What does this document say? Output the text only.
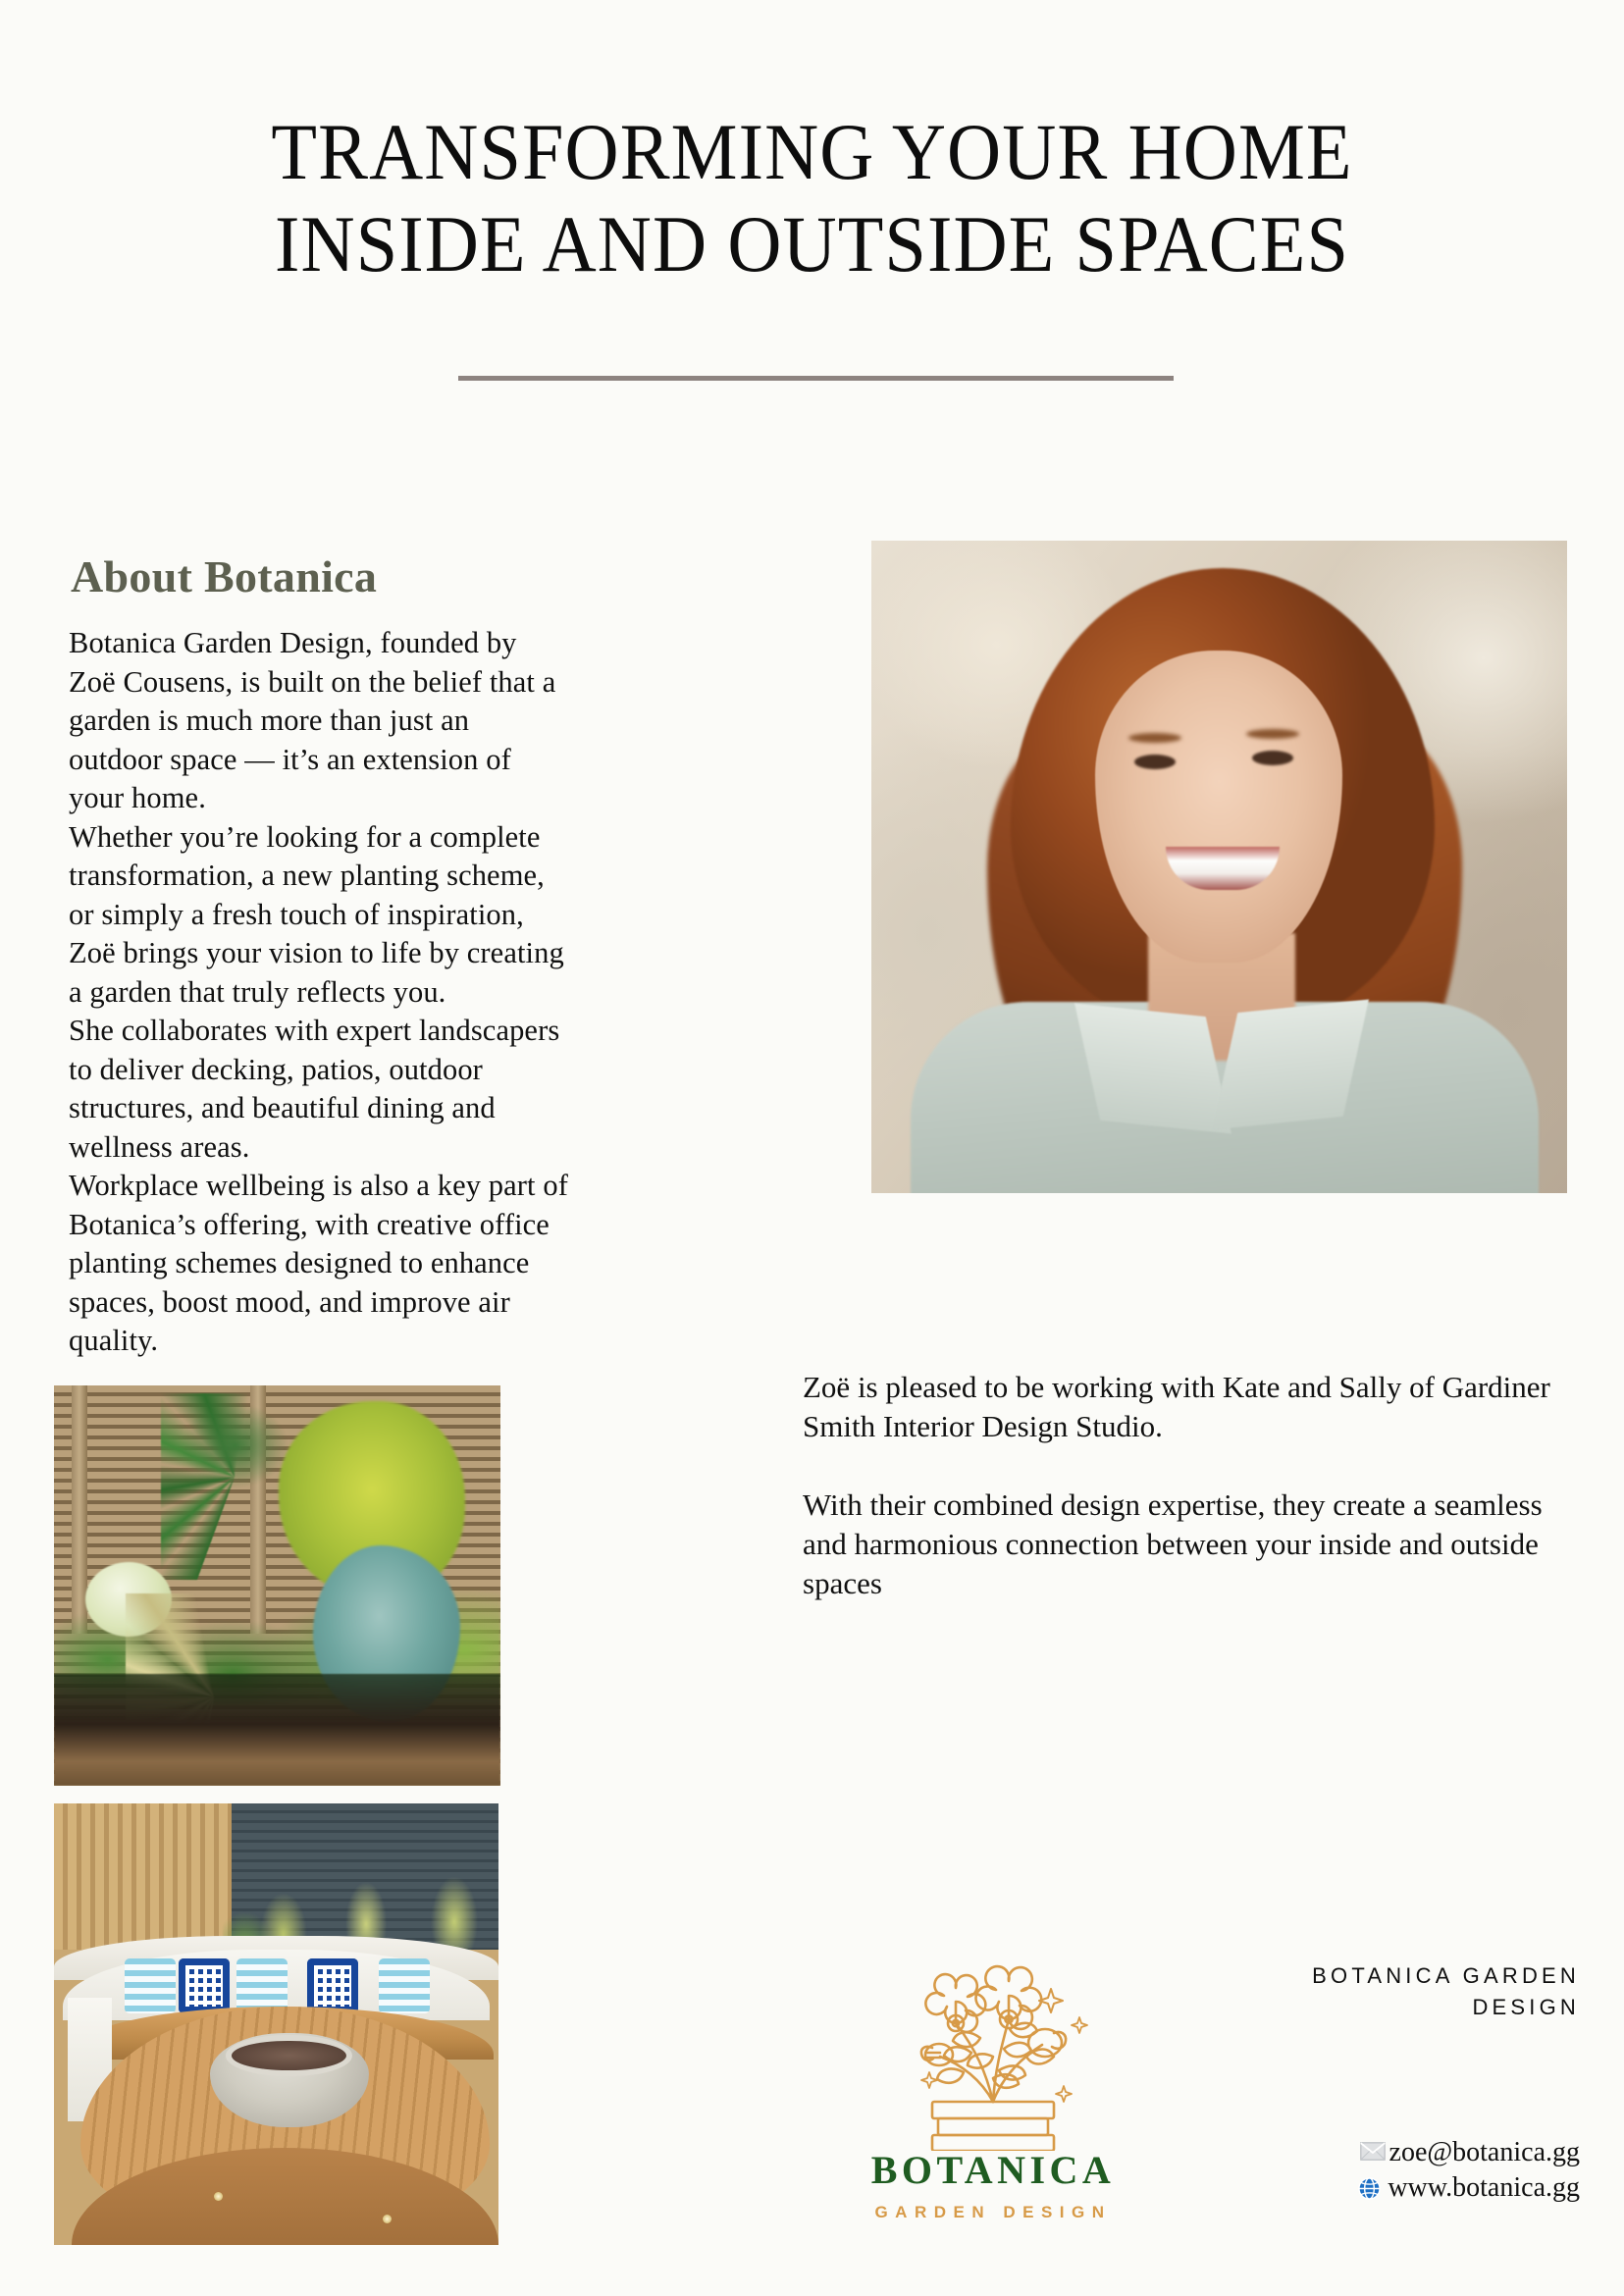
TRANSFORMING YOUR HOME
INSIDE AND OUTSIDE SPACES
About Botanica

Botanica Garden Design, founded by Zoë Cousens, is built on the belief that a garden is much more than just an outdoor space — it’s an extension of your home.

Whether you’re looking for a complete transformation, a new planting scheme, or simply a fresh touch of inspiration, Zoë brings your vision to life by creating a garden that truly reflects you.

She collaborates with expert landscapers to deliver decking, patios, outdoor structures, and beautiful dining and wellness areas.

Workplace wellbeing is also a key part of Botanica’s offering, with creative office planting schemes designed to enhance spaces, boost mood, and improve air quality.

Zoë is pleased to be working with Kate and Sally of Gardiner Smith Interior Design Studio.

With their combined design expertise, they create a seamless and harmonious connection between your inside and outside spaces

BOTANICA
GARDEN DESIGN
BOTANICA GARDEN
DESIGN
zoe@botanica.gg
www.botanica.gg
